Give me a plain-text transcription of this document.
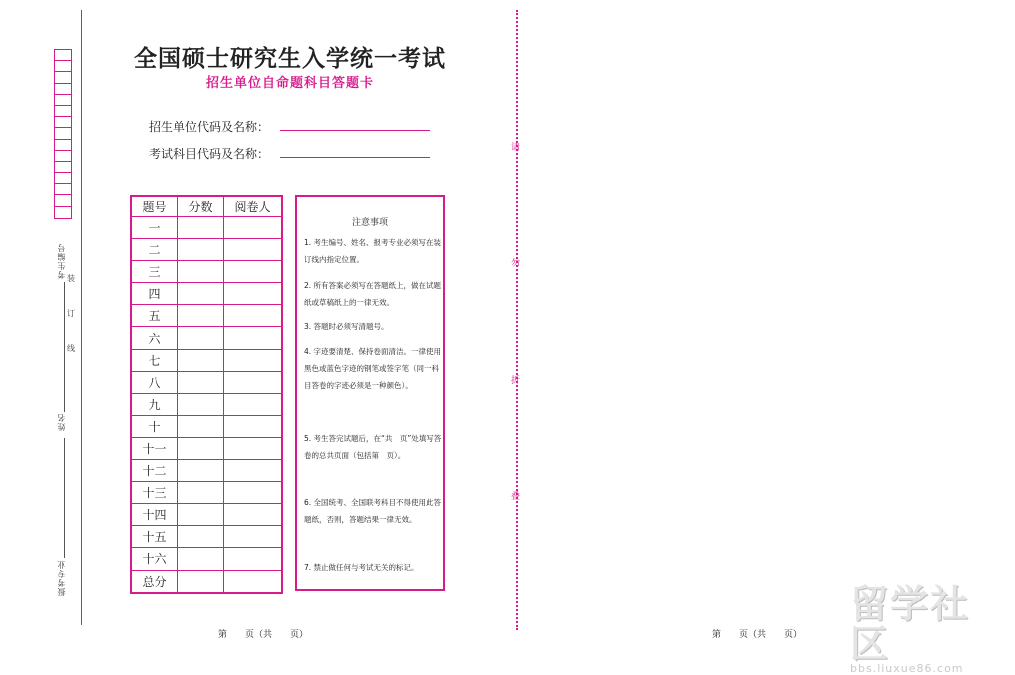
考生编号
姓名
报考专业
装
订
线
全国硕士研究生入学统一考试
招生单位自命题科目答题卡
招生单位代码及名称：
考试科目代码及名称：
题号	分数	阅卷人
一		
二		
三		
四		
五		
六		
七		
八		
九		
十		
十一		
十二		
十三		
十四		
十五		
十六		
总分		
注意事项
1. 考生编号、姓名、报考专业必须写在装订线内指定位置。
2. 所有答案必须写在答题纸上，做在试题纸或草稿纸上的一律无效。
3. 答题时必须写清题号。
4. 字迹要清楚、保持卷面清洁。一律使用黑色或蓝色字迹的钢笔或签字笔（同一科目答卷的字迹必须是一种颜色）。
5. 考生答完试题后，在“共　页”处填写答卷的总共页面（包括第　页）。
6. 全国统考、全国联考科目不得使用此答题纸，否则，答题结果一律无效。
7. 禁止做任何与考试无关的标记。
请
勿
折
叠
第　　页（共　　页）	第　　页（共　　页）
留学社区
bbs.liuxue86.com
